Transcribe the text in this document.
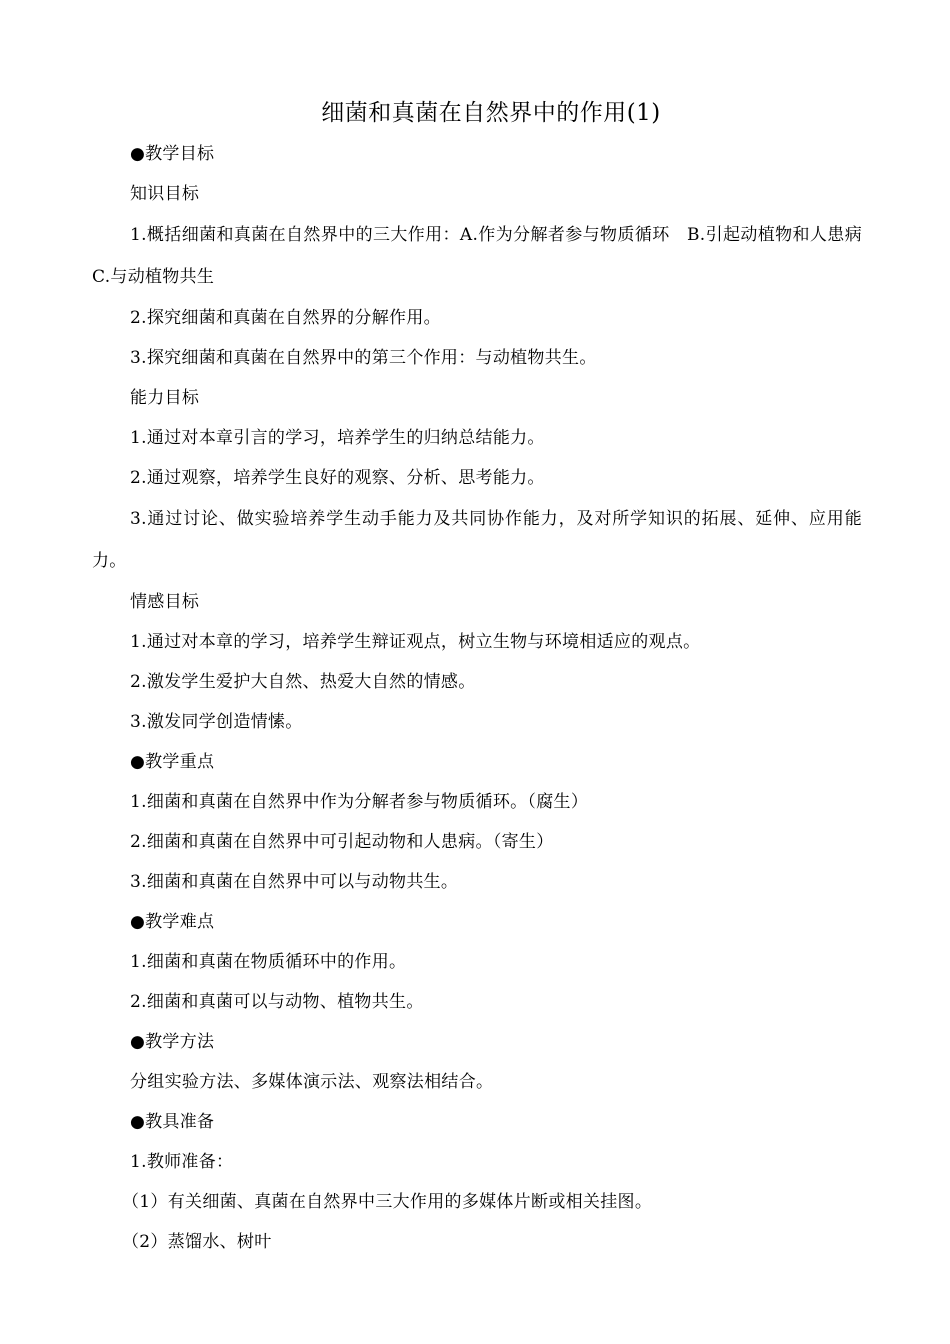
细菌和真菌在自然界中的作用(1)
●教学目标
知识目标
1.概括细菌和真菌在自然界中的三大作用：A.作为分解者参与物质循环　B.引起动植物和人患病　C.与动植物共生
2.探究细菌和真菌在自然界的分解作用。
3.探究细菌和真菌在自然界中的第三个作用：与动植物共生。
能力目标
1.通过对本章引言的学习，培养学生的归纳总结能力。
2.通过观察，培养学生良好的观察、分析、思考能力。
3.通过讨论、做实验培养学生动手能力及共同协作能力，及对所学知识的拓展、延伸、应用能力。
情感目标
1.通过对本章的学习，培养学生辩证观点，树立生物与环境相适应的观点。
2.激发学生爱护大自然、热爱大自然的情感。
3.激发同学创造情愫。
●教学重点
1.细菌和真菌在自然界中作为分解者参与物质循环。（腐生）
2.细菌和真菌在自然界中可引起动物和人患病。（寄生）
3.细菌和真菌在自然界中可以与动物共生。
●教学难点
1.细菌和真菌在物质循环中的作用。
2.细菌和真菌可以与动物、植物共生。
●教学方法
分组实验方法、多媒体演示法、观察法相结合。
●教具准备
1.教师准备：
（1）有关细菌、真菌在自然界中三大作用的多媒体片断或相关挂图。
（2）蒸馏水、树叶
